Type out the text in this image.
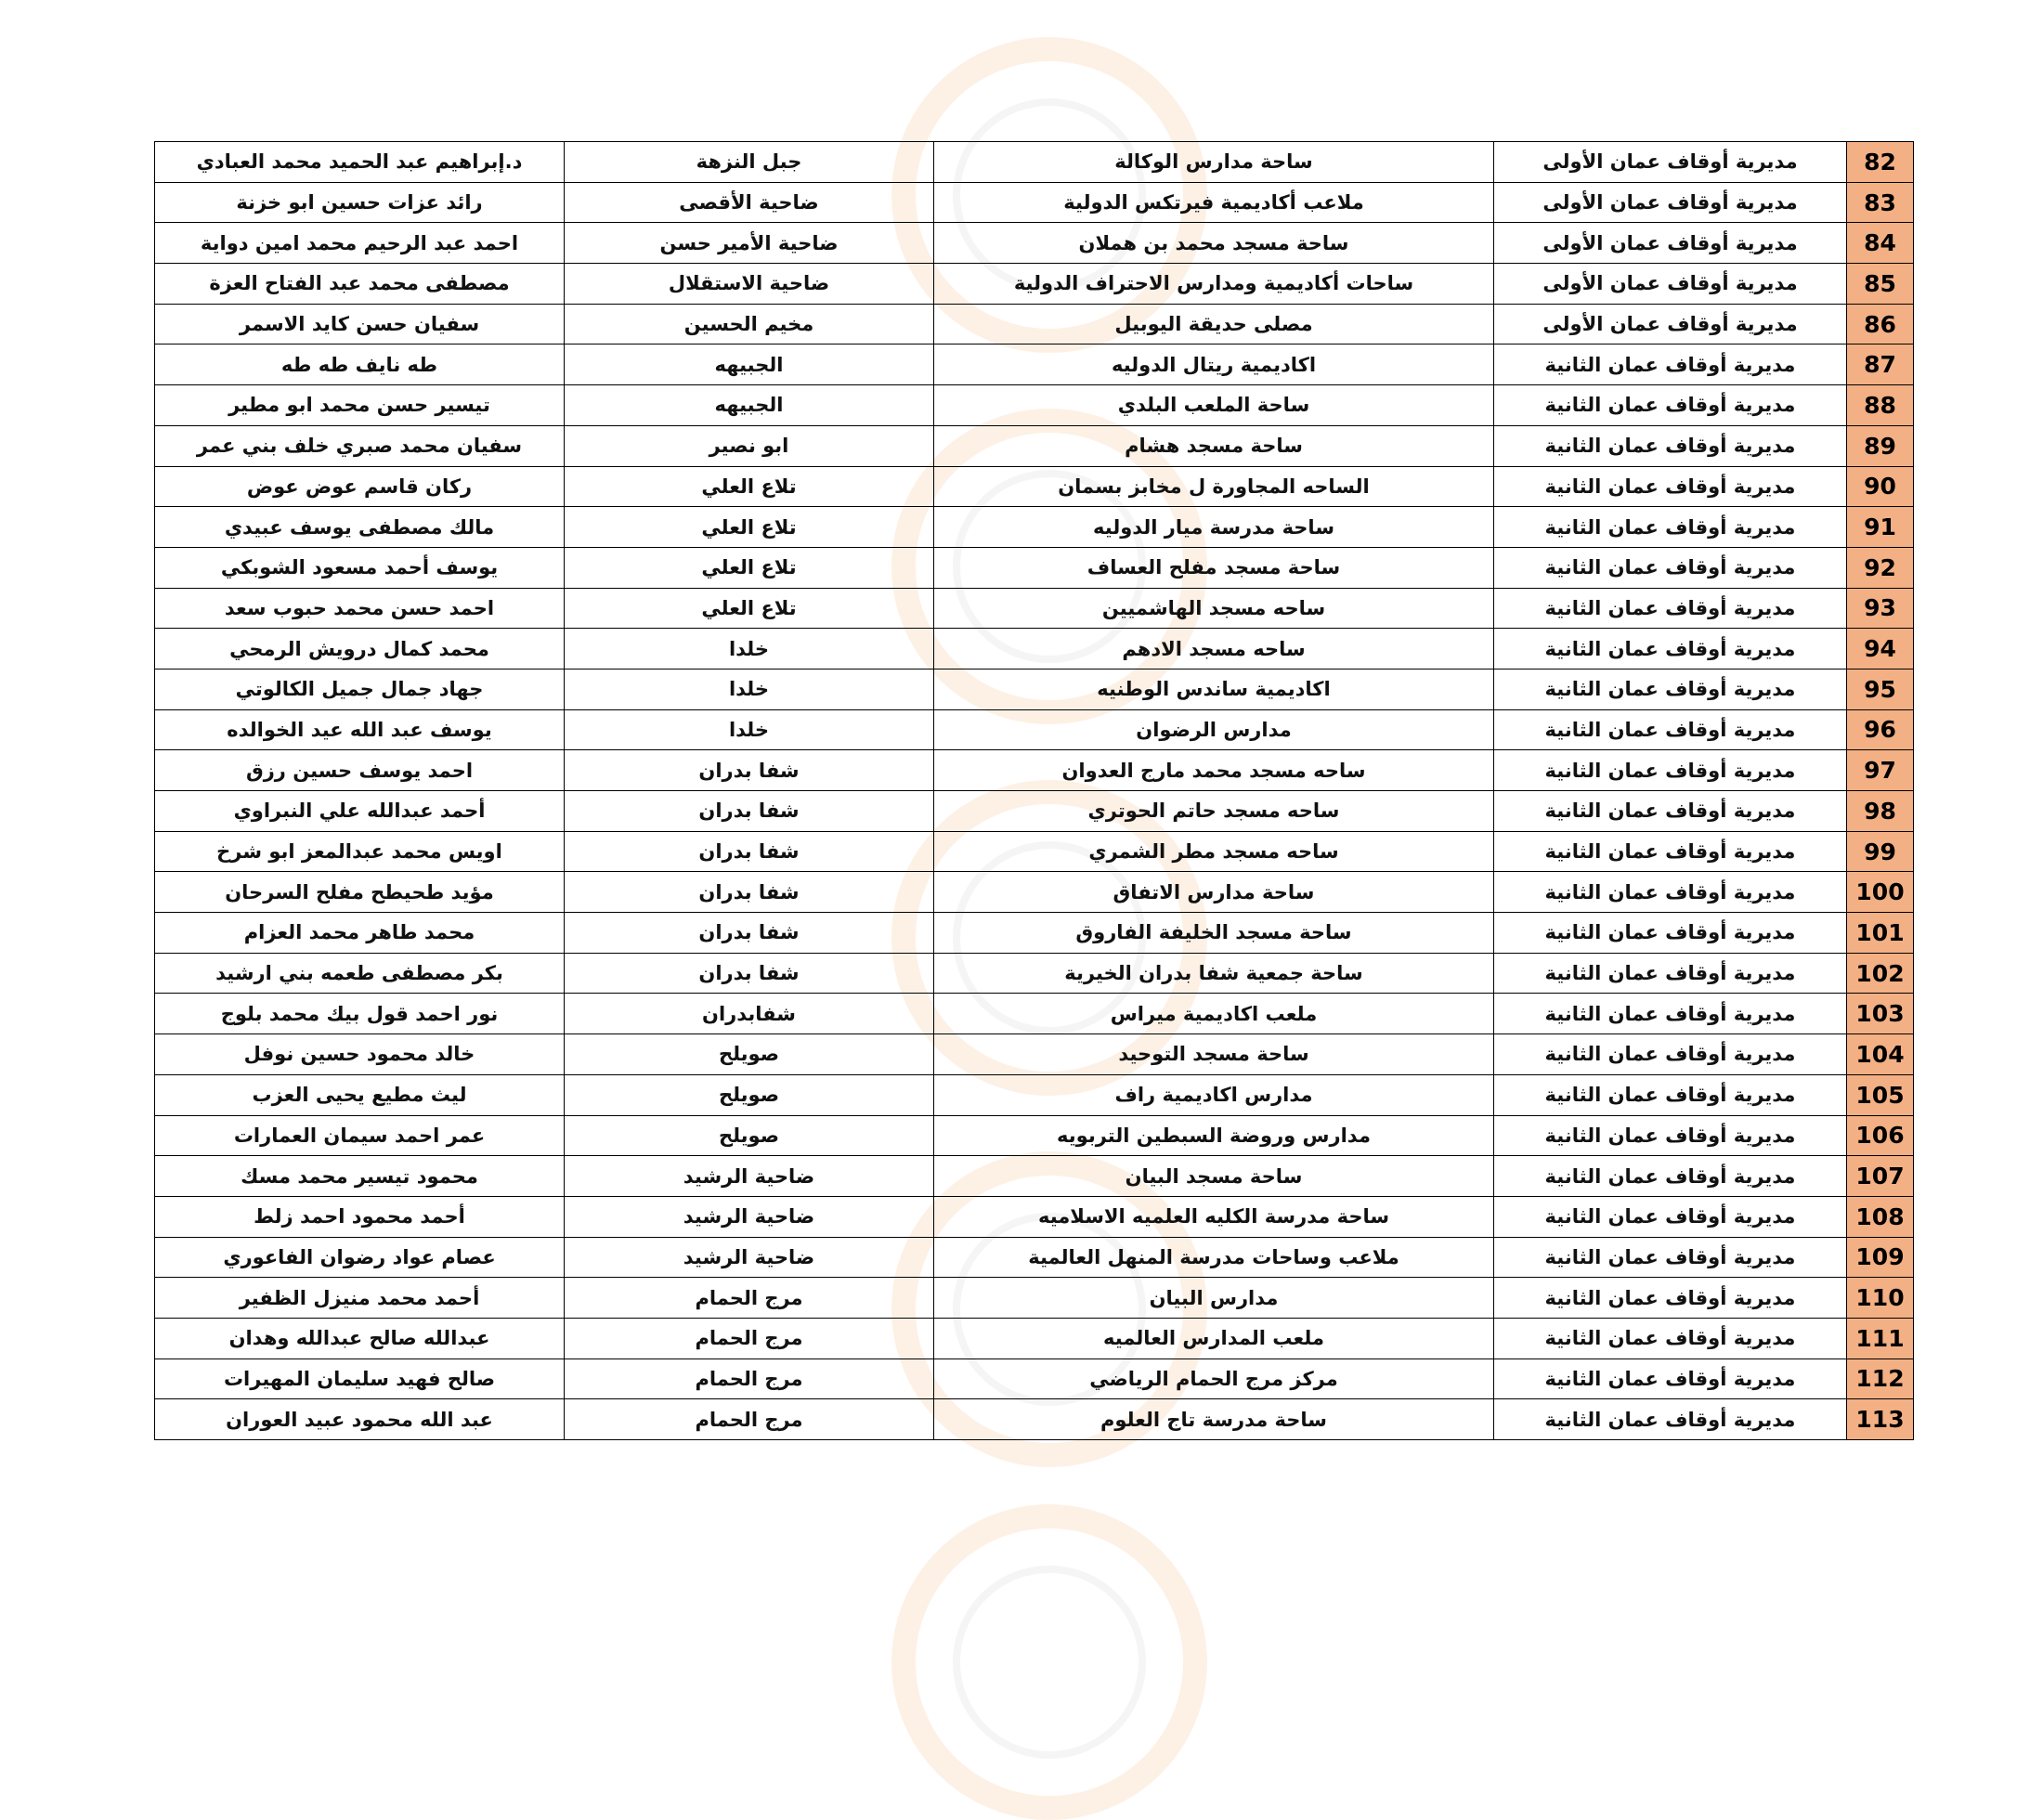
82	مديرية أوقاف عمان الأولى	ساحة مدارس الوكالة	جبل النزهة	د.إبراهيم عبد الحميد محمد العبادي
83	مديرية أوقاف عمان الأولى	ملاعب أكاديمية فيرتكس الدولية	ضاحية الأقصى	رائد عزات حسين ابو خزنة
84	مديرية أوقاف عمان الأولى	ساحة مسجد محمد بن هملان	ضاحية الأمير حسن	احمد عبد الرحيم محمد امين دواية
85	مديرية أوقاف عمان الأولى	ساحات أكاديمية ومدارس الاحتراف الدولية	ضاحية الاستقلال	مصطفى محمد عبد الفتاح العزة
86	مديرية أوقاف عمان الأولى	مصلى حديقة اليوبيل	مخيم الحسين	سفيان حسن كايد الاسمر
87	مديرية أوقاف عمان الثانية	اكاديمية ريتال الدوليه	الجبيهه	طه نايف طه طه
88	مديرية أوقاف عمان الثانية	ساحة الملعب البلدي	الجبيهه	تيسير حسن محمد ابو مطير
89	مديرية أوقاف عمان الثانية	ساحة مسجد هشام	ابو نصير	سفيان محمد صبري خلف بني عمر
90	مديرية أوقاف عمان الثانية	الساحه المجاورة ل مخابز بسمان	تلاع العلي	ركان قاسم عوض عوض
91	مديرية أوقاف عمان الثانية	ساحة مدرسة ميار الدوليه	تلاع العلي	مالك مصطفى يوسف عبيدي
92	مديرية أوقاف عمان الثانية	ساحة مسجد مفلح العساف	تلاع العلي	يوسف أحمد مسعود الشوبكي
93	مديرية أوقاف عمان الثانية	ساحه مسجد الهاشميين	تلاع العلي	احمد حسن محمد حبوب سعد
94	مديرية أوقاف عمان الثانية	ساحه مسجد الادهم	خلدا	محمد كمال درويش الرمحي
95	مديرية أوقاف عمان الثانية	اكاديمية ساندس الوطنيه	خلدا	جهاد جمال جميل الكالوتي
96	مديرية أوقاف عمان الثانية	مدارس الرضوان	خلدا	يوسف عبد الله عيد الخوالده
97	مديرية أوقاف عمان الثانية	ساحه مسجد محمد مارج العدوان	شفا بدران	احمد يوسف حسين رزق
98	مديرية أوقاف عمان الثانية	ساحه مسجد حاتم الحوتري	شفا بدران	أحمد عبدالله علي النبراوي
99	مديرية أوقاف عمان الثانية	ساحه مسجد مطر الشمري	شفا بدران	اويس محمد عبدالمعز ابو شرخ
100	مديرية أوقاف عمان الثانية	ساحة مدارس الاتفاق	شفا بدران	مؤيد طحيطح مفلح السرحان
101	مديرية أوقاف عمان الثانية	ساحة مسجد الخليفة الفاروق	شفا بدران	محمد طاهر محمد العزام
102	مديرية أوقاف عمان الثانية	ساحة جمعية شفا بدران الخيرية	شفا بدران	بكر مصطفى طعمه بني ارشيد
103	مديرية أوقاف عمان الثانية	ملعب اكاديمية ميراس	شفابدران	نور احمد قول بيك محمد بلوج
104	مديرية أوقاف عمان الثانية	ساحة مسجد التوحيد	صويلح	خالد محمود حسين نوفل
105	مديرية أوقاف عمان الثانية	مدارس اكاديمية راف	صويلح	ليث مطيع يحيى العزب
106	مديرية أوقاف عمان الثانية	مدارس وروضة السبطين التربويه	صويلح	عمر احمد سيمان العمارات
107	مديرية أوقاف عمان الثانية	ساحة مسجد البيان	ضاحية الرشيد	محمود تيسير محمد مسك
108	مديرية أوقاف عمان الثانية	ساحة مدرسة الكليه العلميه الاسلاميه	ضاحية الرشيد	أحمد محمود احمد زلط
109	مديرية أوقاف عمان الثانية	ملاعب وساحات مدرسة المنهل العالمية	ضاحية الرشيد	عصام عواد رضوان الفاعوري
110	مديرية أوقاف عمان الثانية	مدارس البيان	مرج الحمام	أحمد محمد منيزل الظفير
111	مديرية أوقاف عمان الثانية	ملعب المدارس العالميه	مرج الحمام	عبدالله صالح عبدالله وهدان
112	مديرية أوقاف عمان الثانية	مركز مرج الحمام الرياضي	مرج الحمام	صالح فهيد سليمان المهيرات
113	مديرية أوقاف عمان الثانية	ساحة مدرسة تاج العلوم	مرج الحمام	عبد الله محمود عبيد العوران
